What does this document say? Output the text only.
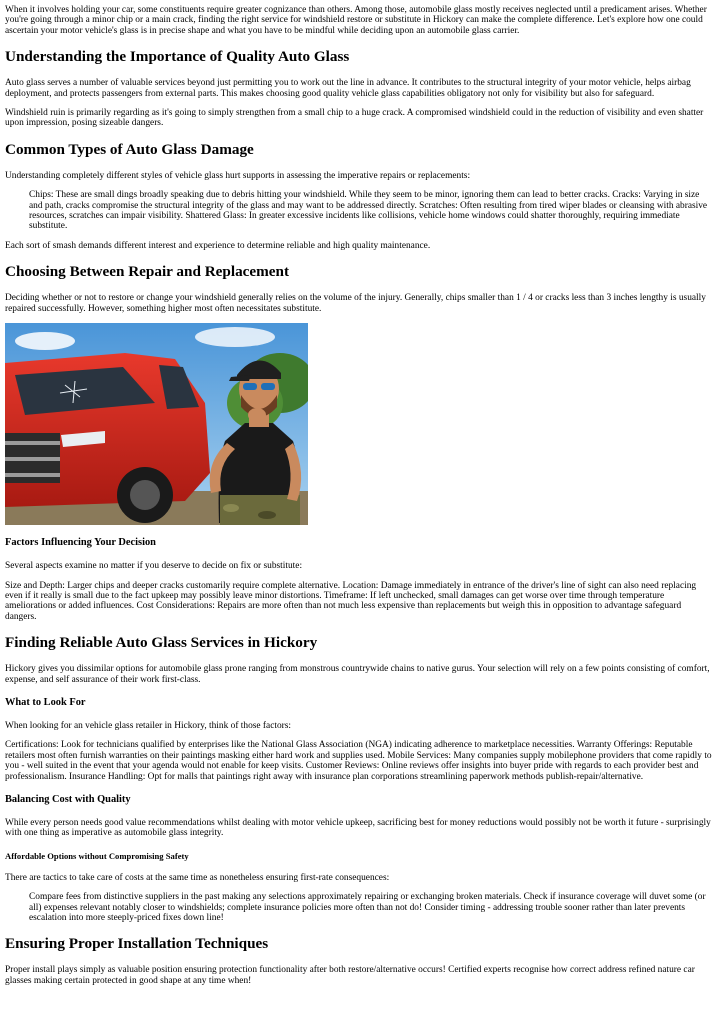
When it involves holding your car, some constituents require greater cognizance than others. Among those, automobile glass mostly receives neglected until a predicament arises. Whether you're going through a minor chip or a main crack, finding the right service for windshield restore or substitute in Hickory can make the complete difference. Let's explore how one could ascertain your motor vehicle's glass is in precise shape and what you have to be mindful while deciding upon an automobile glass carrier.

Understanding the Importance of Quality Auto Glass

Auto glass serves a number of valuable services beyond just permitting you to work out the line in advance. It contributes to the structural integrity of your motor vehicle, helps airbag deployment, and protects passengers from external parts. This makes choosing good quality vehicle glass capabilities obligatory not only for visibility but also for safeguard.

Windshield ruin is primarily regarding as it's going to simply strengthen from a small chip to a huge crack. A compromised windshield could in the reduction of visibility and even shatter upon impression, posing sizeable dangers.

Common Types of Auto Glass Damage

Understanding completely different styles of vehicle glass hurt supports in assessing the imperative repairs or replacements:

Chips: These are small dings broadly speaking due to debris hitting your windshield. While they seem to be minor, ignoring them can lead to better cracks. Cracks: Varying in size and path, cracks compromise the structural integrity of the glass and may want to be addressed directly. Scratches: Often resulting from tired wiper blades or cleansing with abrasive resources, scratches can impair visibility. Shattered Glass: In greater excessive incidents like collisions, vehicle home windows could shatter thoroughly, requiring immediate substitute.

Each sort of smash demands different interest and experience to determine reliable and high quality maintenance.

Choosing Between Repair and Replacement

Deciding whether or not to restore or change your windshield generally relies on the volume of the injury. Generally, chips smaller than 1 / 4 or cracks less than 3 inches lengthy is usually repaired successfully. However, something higher most often necessitates substitute.

Factors Influencing Your Decision

Several aspects examine no matter if you deserve to decide on fix or substitute:

Size and Depth: Larger chips and deeper cracks customarily require complete alternative. Location: Damage immediately in entrance of the driver's line of sight can also need replacing even if it really is small due to the fact upkeep may possibly leave minor distortions. Timeframe: If left unchecked, small damages can get worse over time through temperature ameliorations or added influences. Cost Considerations: Repairs are more often than not much less expensive than replacements but weigh this in opposition to advantage safeguard dangers.

Finding Reliable Auto Glass Services in Hickory

Hickory gives you dissimilar options for automobile glass prone ranging from monstrous countrywide chains to native gurus. Your selection will rely on a few points consisting of comfort, expense, and self assurance of their work first-class.

What to Look For

When looking for an vehicle glass retailer in Hickory, think of those factors:

Certifications: Look for technicians qualified by enterprises like the National Glass Association (NGA) indicating adherence to marketplace necessities. Warranty Offerings: Reputable retailers most often furnish warranties on their paintings masking either hard work and supplies used. Mobile Services: Many companies supply mobilephone providers that come rapidly to you - well suited in the event that your agenda would not enable for keep visits. Customer Reviews: Online reviews offer insights into buyer pride with regards to each provider best and professionalism. Insurance Handling: Opt for malls that paintings right away with insurance plan corporations streamlining paperwork methods publish-repair/alternative.

Balancing Cost with Quality

While every person needs good value recommendations whilst dealing with motor vehicle upkeep, sacrificing best for money reductions would possibly not be worth it future - surprisingly with one thing as imperative as automobile glass integrity.

Affordable Options without Compromising Safety

There are tactics to take care of costs at the same time as nonetheless ensuring first-rate consequences:

Compare fees from distinctive suppliers in the past making any selections approximately repairing or exchanging broken materials. Check if insurance coverage will duvet some (or all) expenses relevant notably closer to windshields; complete insurance policies more often than not do! Consider timing - addressing trouble sooner rather than later prevents escalation into more steeply-priced fixes down line!
Ensuring Proper Installation Techniques

Proper install plays simply as valuable position ensuring protection functionality after both restore/alternative occurs! Certified experts recognise how correct address refined nature car glasses making certain protected in good shape at any time when!
